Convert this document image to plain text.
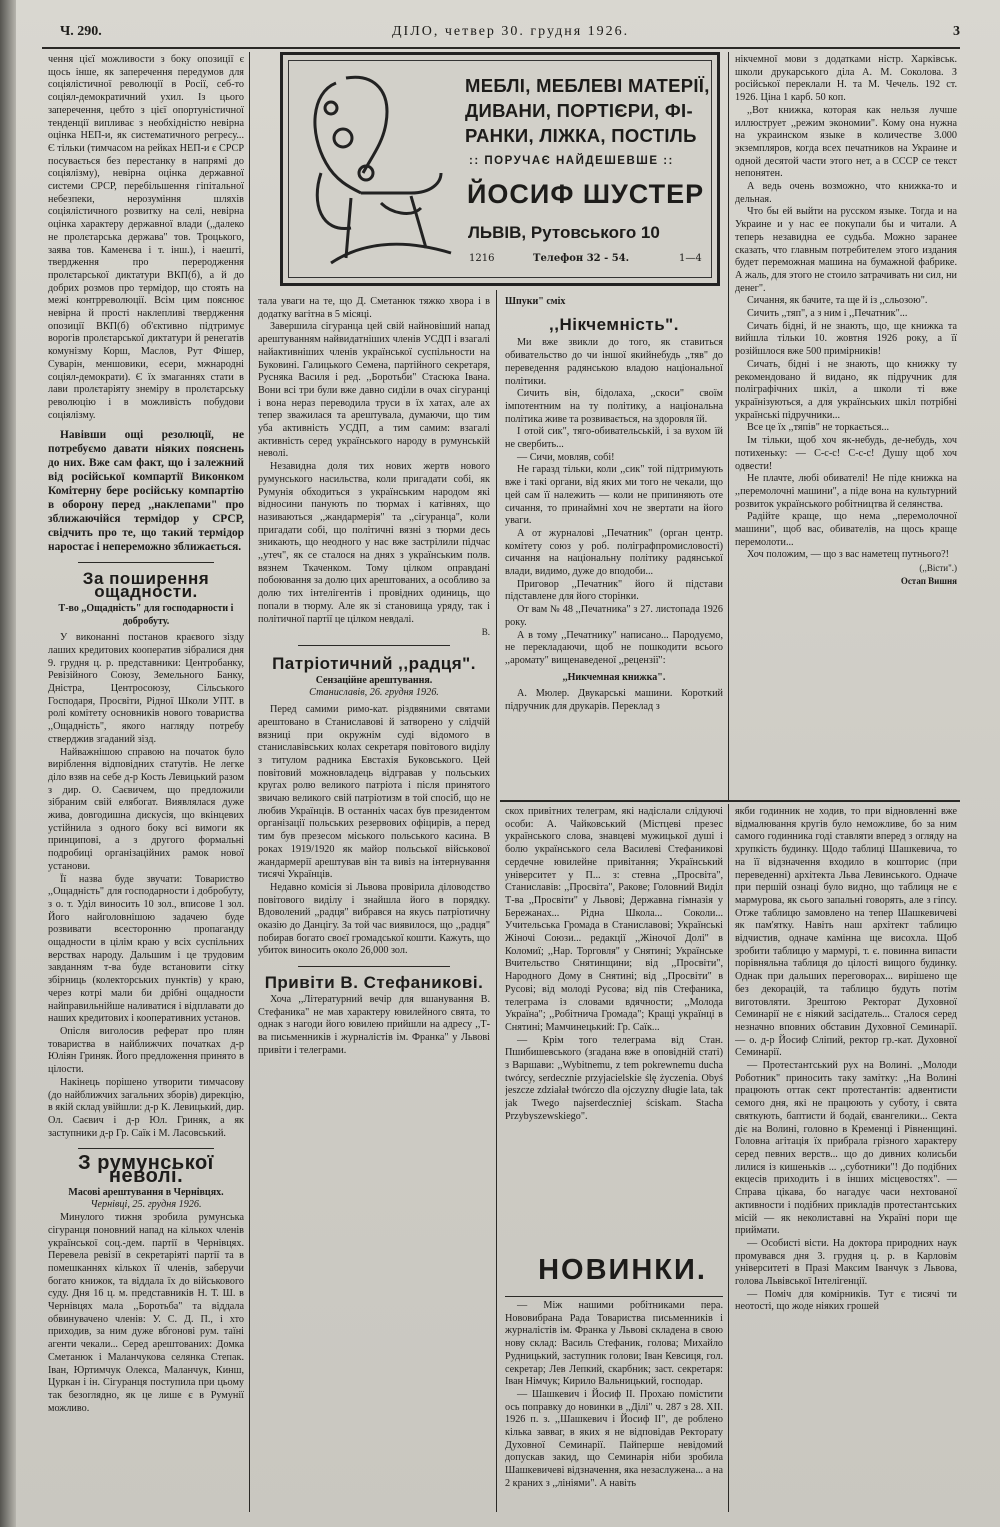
Ч. 290.	ДІЛО, четвер 30. грудня 1926.	3
МЕБЛІ, МЕБЛЕВІ МАТЕРІЇ,
ДИВАНИ, ПОРТІЄРИ, ФІ-
РАНКИ, ЛІЖКА, ПОСТІЛЬ
:: ПОРУЧАЄ НАЙДЕШЕВШЕ ::
ЙОСИФ ШУСТЕР
ЛЬВІВ, Рутовського 10
1216	Телефон 32 - 54.	1—4

чення цієї можливости з боку опозиції є щось інше, як заперечення передумов для соціялістичної революції в Росії, себ-то соціял-демократичний ухил. Із цього заперечення, цебто з цієї опортуністичної тенденції випливає з необхідністю невірна оцінка НЕП-и, як систематичного регресу... Є тільки (тимчасом на рейках НЕП-и є СРСР посувається без перестанку в напрямі до соціялізму), невірна оцінка державної системи СРСР, перебільшення гіпітальної небезпеки, нерозуміння шляхів соціялістичного розвитку на селі, невірна оцінка характеру державної влади (,,далеко не пролєтарська держава" тов. Троцького, заява тов. Каменєва і т. інш.), і наешті, твердження про переродження пролєтарської диктатури ВКП(б), а й до добрих розмов про термідор, що стоять на межі контрреволюції. Всім цим пояснює невірна й прості наклепливі твердження опозиції ВКП(б) об'єктивно підтримує ворогів пролєтарської диктатури й ренегатів комунізму Корш, Маслов, Рут Фішер, Суварін, меншовики, есери, мжнародні соціял-демократи). Є їх змаганнях стати в лави пролєтаріяту знеміру в пролєтарську революцію і в можливість побудови соціялізму.

Навівши ощі резолюції, не потребуємо давати ніяких пояснень до них. Вже сам факт, що і залежний від російської компартії Виконком Комітерну бере російську компартію в оборону перед ,,наклепами" про зближаючійся термідор у СРСР, свідчить про те, що такий термідор наростає і непереможно зближається.

За поширення ощадности.
Т-во ,,Ощадність" для господарности і добробуту.

У виконанні постанов краєвого зізду лаших кредитових кооператив зібралися дня 9. грудня ц. р. представники: Центробанку, Ревізійного Союзу, Земельного Банку, Дністра, Центросоюзу, Сільського Господаря, Просвіти, Рідної Школи УПТ. в ролі комітету основників нового товариства ,,Ощадність", якого нагляду потребу стверджив згаданий зізд.

Найважнішою справою на початок було виріблення відповідних статутів. Не легке діло взяв на себе д-р Кость Левицький разом з дир. О. Саєвичем, що предложили зібраним свій елябогат. Виявлялася дуже жива, довгодишна дискусія, що вкінцевих устійнила з одного боку всі вимоги як принципові, а з другого формальні подробиці організаційних рамок нової установи.

Її назва буде звучати: Товариство ,,Ощадність" для господарности і добробуту, з о. т. Уділ виносить 10 зол., вписове 1 зол. Його найголовнішою задачею буде розвивати всесторонню пропаганду ощадности в цілім краю у всіх суспільних верствах народу. Дальшим і це трудовим завданням т-ва буде встановити сітку збірниць (колекторських пунктів) у краю, через котрі мали би дрібні ощадности найправильнійше наливатися і відплавати до наших кредитових і кооперативних установ.

Опісля виголосив реферат про плян товариства в найближчих початках д-р Юліян Гриняк. Його предложення принято в цілости.

Накінець порішено утворити тимчасову (до найближчих загальних зборів) дирекцію, в якій склад увійшли: д-р К. Левицький, дир. Ол. Саєвич і д-р Юл. Гриняк, а як заступники д-р Гр. Саїк і М. Ласовський.

З румунської неволі.
Масові арештування в Чернівцях.
Чернівці, 25. грудня 1926.

Минулого тижня зробила румунська сігуранця поновний напад на кількох членів української соц.-дем. партії в Чернівцях. Перевела ревізії в секретаріяті партії та в помешканнях кількох її членів, заберучи богато книжок, та віддала їх до військового суду. Дня 16 ц. м. представників Н. Т. Ш. в Чернівцях мала ,,Боротьба" та віддала обвинувачено членів: У. С. Д. П., і хто приходив, за ним дуже вбгонові рум. таїні агенти чекали... Серед арештованих: Домка Сметанюк і Маланчукова селянка Степак. Іван, Юртимчук Олекса, Маланчук, Кинш, Цуркан і ін. Сігуранця поступила при цьому так безоглядно, як це лише є в Румунії можливо.

тала уваги на те, що Д. Сметанюк тяжко хвора і в додатку вагітна в 5 місяці.

Завершила сігуранца цей свій найновіший напад арештуванням найвидатніших членів УСДП і взагалі найактивніших членів української суспільности на Буковині. Галицького Семена, партійного секретаря, Русняка Василя і ред. ,,Боротьби" Стасюка Івана. Вони всі три були вже давно сиділи в очах сігуранці і вона нераз переводила труси в їх хатах, але ах тепер зважилася та арештувала, думаючи, що тим уба активність УСДП, а тим самим: взагалі активність серед українського народу в румунській неволі.

Незавидна доля тих нових жертв нового румунського насильства, коли пригадати собі, як Румунія обходиться з українським народом які відносини панують по тюрмах і катівнях, що називаються ,,жандармерія" та ,,сігуранца", коли пригадати собі, що політичні вязні з тюрми десь зникають, що неодного у нас вже застрілили підчас ,,утеч", як се сталося на днях з українським полв. вязнем Ткаченком. Тому цілком оправдані побоювання за долю цих арештованих, а особливо за долю тих інтелігентів і провідних одиниць, що попали в тюрму. Але як зі становища уряду, так і політичної партії це цілком невдалі.

В.
Патріотичний ,,радця".
Сензаційне арештування.
Станиславів, 26. грудня 1926.

Перед самими римо-кат. різдвяними святами арештовано в Станиславові й затворено у слідчій вязниці при окружнім суді відомого в станиславівських колах секретаря повітового виділу з титулом радника Евстахія Буковського. Цей повітовий можновладець відгравав у польських кругах ролю великого патріота і після принятого звичаю великого свій патріотизм в той спосіб, що не любив Українців. В останніх часах був президентом організації польських резервових офіцирів, а перед тим був презесом міського польського касина. В роках 1919/1920 як майор польської військової жандармерії арештував він та вивіз на інтернування тисячі Українців.

Недавно комісія зі Львова провірила діловодство повітового виділу і знайшла його в порядку. Вдоволений ,,радця" вибрався на якусь патріотичну оказію до Данцігу. За той час виявилося, що ,,радця" побирав богато своєї громадської кошти. Кажуть, що убиток виносить около 26,000 зол.

Привіти В. Стефаникові.

Хоча ,,Літературний вечір для вшанування В. Стефаника" не мав характеру ювилейного свята, то однак з нагоди його ювилею прийшли на адресу ,,Т-ва письменників і журналістів ім. Франка" у Львові привіти і телеграми.

Шпуки" сміх
,,Нікчемність".

Ми вже звикли до того, як ставиться обивательство до чи іншої якийнебудь ,,тяв" до переведення радянською владою національної політики.

Сичить він, бідолаха, ,,скоси" своїм імпотентним на ту політику, а національна політика живе та розвивається, на здоровля їй.

І отой сик", тяго-обивательській, і за вухом їй не свербить...

— Сичи, мовляв, собі!

Не гаразд тільки, коли ,,сик" той підтримують вже і такі органи, від яких ми того не чекали, що цей сам її належить — коли не припиняють оте сичання, то принаймні хоч не звертати на його уваги.

А от журналові ,,Печатник" (орган центр. комітету союз у роб. поліграфпромисловості) сичання на національну політику радянської влади, видимо, дуже до вподоби...

Приговор ,,Печатник" його й підстави підставлене для його сторінки.

От вам № 48 ,,Печатника" з 27. листопада 1926 року.

А в тому ,,Печатнику" написано... Пародуємо, не перекладаючи, щоб не пошкодити всього ,,аромату" вищенаведеної ,,рецензії":

,,Никчемная книжка".

А. Мюлер. Двукарські машини. Короткий підручник для друкарів. Переклад з

нікчемної мови з додатками ністр. Харківськ. школи друкарського ділa A. M. Соколова. З російської переклали Н. та М. Чечель. 192 ст. 1926. Ціна 1 карб. 50 коп.

,,Вот книжка, которая как нельзя лучше иллюструет ,,режим экономии". Кому она нужна на украинском языке в количестве 3.000 экземпляров, когда всех печатников на Украине и одной десятой части этого нет, а в СССР се текст непонятен.

А ведь очень возможно, что книжка-то и дельная.

Что бы ей выйти на русском языке. Тогда и на Украине и у нас ее покупали бы и читали. А теперь незавидна ее судьба. Можно заранее сказать, что главным потребителем этого издания будет переможная машина на бумажной фабрике. А жаль, для этого не стоило затрачивать ни сил, ни денег".

Сичання, як бачите, та ще й із ,,сльозою".

Сичить ,,тяп", а з ним і ,,Печатник"...

Сичать бідні, й не знають, що, ще книжка та вийшла тільки 10. жовтня 1926 року, а її розійшлося вже 500 примірників!

Сичать, бідні і не знають, що книжку ту рекомендовано й видано, як підручник для поліграфічних шкіл, а школи ті вже українізуються, а для українських шкіл потрібні українські підручники...

Все це їх ,,тяпів" не торкається...

Ім тільки, щоб хоч як-небудь, де-небудь, хоч потихеньку: — С-с-с! С-с-с! Душу щоб хоч одвести!

Не плачте, любі обивателі! Не піде книжка на ,,перемолочні машини", а піде вона на культурний розвиток українського робітництва й селянства.

Радійте краще, що нема ,,перемолочної машини", щоб вас, обивателів, на щось краще перемолоти...

Хоч положим, — що з вас наметещ путнього?!

(,,Вісти".)
Остап Вишня

скох привітних телеграм, які надіслали слідуючі особи: А. Чайковський (Містцеві презес українського слова, знавцеві мужицької душі і болю українського села Василеві Стефаникові сердечне ювилейне привітання; Український університет у П... з: стевна ,,Просвіта", Станиславів: ,,Просвіта", Ракове; Головний Виділ Т-ва ,,Просвіти" у Львові; Державна гімназія у Бережанах... Рідна Школа... Соколи... Учительська Громада в Станиславові; Українські Жіночі Союзи... редакції ,,Жіночої Долі" в Коломиї; ,,Нар. Торговля" у Снятині; Українське Вчительство Снятинщини; від ,,Просвіти", Народного Дому в Снятині; від ,,Просвіти" в Русові; від молоді Русова; від пів Стефаника, телеграма із словами вдячности; ,,Молода Україна"; ,,Робітнича Громада"; Кращі українці в Снятині; Мамчинецький: Гр. Саїк...

— Крім того телеграма від Стан. Пшибишевського (згадана вже в оповідній статі) з Варшави: ,,Wybitnemu, z tem pokrewnemu ducha twórcy, serdecznie przyjacielskie ślę życzenia. Obyś jeszcze zdziałał twórczo dla ojczyzny długie lata, tak jak Twego najserdeczniej ściskam. Stacha Przybyszewskiego".

НОВИНКИ.

— Між нашими робітниками пера. Нововибрана Рада Товариства письменників і журналістів ім. Франка у Львові складена в свою нову склад: Василь Стефаник, голова; Михайло Рудницький, заступник голови; Іван Кевсиця, гол. секретар; Лев Лепкий, скарбник; заст. секретаря: Іван Німчук; Кирило Вальницький, господар.

— Шашкевич і Йосиф II. Прохаю помістити ось поправку до новинки в ,,Ділі" ч. 287 з 28. XII. 1926 п. з. ,,Шашкевич і Йосиф II", де роблено кілька завваг, в яких я не відповідав Ректорату Духовної Семинарії. Пайперше невідомий допускав закид, що Семинарія ніби зробила Шашкевичеві відзначення, яка незаслужена... а на 2 краних з ,,лініями". А навіть

якби годинник не ходив, то при відновленні вже відмалювання кругів було неможливе, бо за ним самого годинника годі ставляти вперед з огляду на хрупкість будинку. Щодо таблиці Шашкевича, то на її відзначення входило в кошторис (при переведенні) архітекта Льва Левинського. Одначе при першій ознаці було видно, що таблиця не є мармурова, як сього запальні говорять, але з гіпсу. Отже таблицю замовлено на тепер Шашкевичеві як пам'ятку. Навіть наш архітект таблицю відчистив, одначе камінна ще висохла. Щоб зробити таблицю у мармурі, т. є. повинна випасти порівняльна таблиця до цілості вищого будинку. Однак при дальших переговорах... вирішено ще без декорацій, та таблицю будуть потім виготовляти. Зрештою Ректорат Духовної Семинарії не є ніякий засідатель... Сталося серед незначно вповних обставин Духовної Семинарії. — о. д-р Йосиф Сліпий, ректор гр.-кат. Духовної Семинарії.

— Протестантський рух на Волині. ,,Молоди Роботник" приносить таку замітку: ,,На Волині працюють оттак сект протестантів: адвентисти семого дня, які не працюють у суботу, і свята святкують, баптисти й бодай, євангелики... Секта діє на Волині, головно в Кременці і Рівненщині. Головна агітація їх прибрала грізного характеру серед певних верств... що до дивних колисьби лилися із кишеньків ... ,,суботники"! До подібних екцесів приходить і в інших місцевостях". — Справа цікава, бо нагадує часи нехтованої активности і подібних прикладів протестантських місій — як неколиставні на Україні пори ще приймати.

— Особисті вісти. На доктора природних наук промувався дня 3. грудня ц. р. в Карловім університеті в Празі Максим Іванчук з Львова, голова Львівської Інтелігенції.

— Поміч для комірників. Тут є тисячі ти неотості, що жоде ніяких грошей
